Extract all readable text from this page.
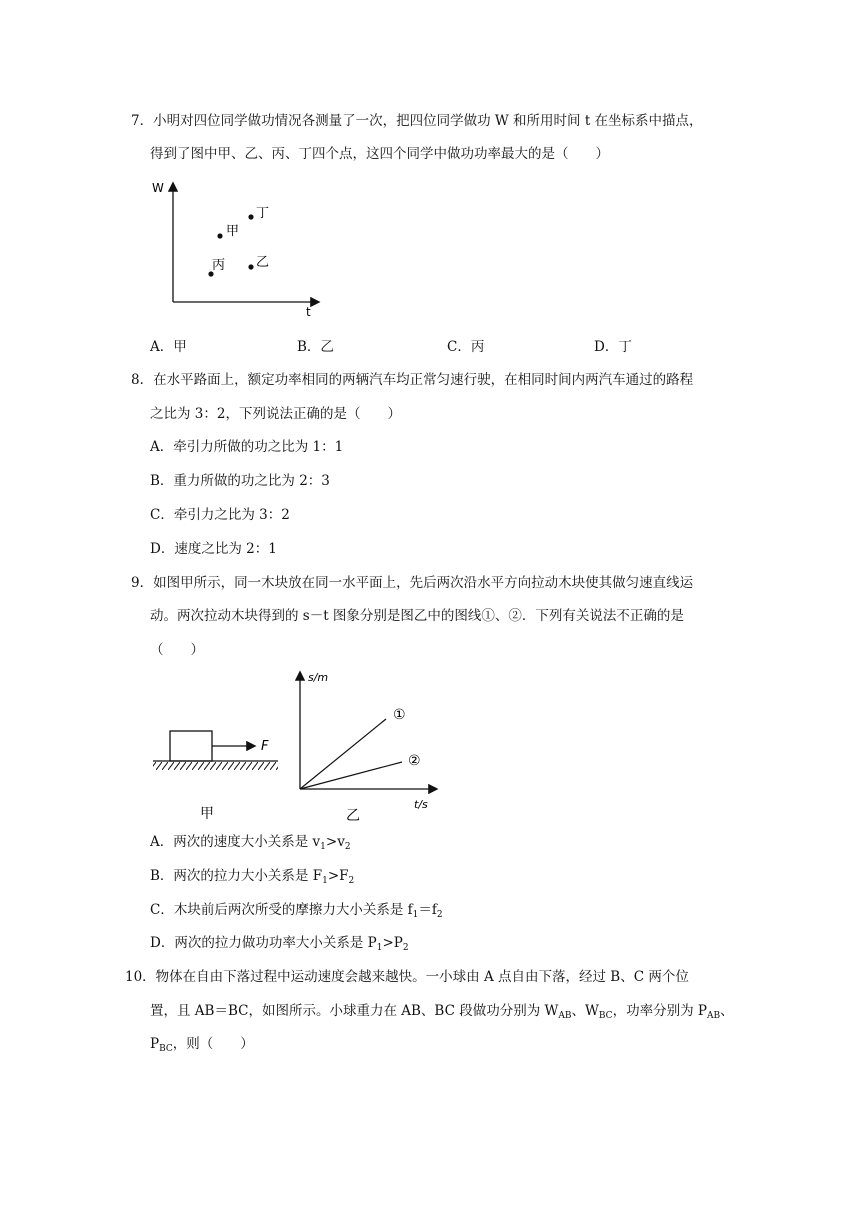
7．小明对四位同学做功情况各测量了一次，把四位同学做功 W 和所用时间 t 在坐标系中描点，
得到了图中甲、乙、丙、丁四个点，这四个同学中做功功率最大的是（　　）
W
t
甲
丁
乙
丙
A．甲	B．乙	C．丙	D．丁
8．在水平路面上，额定功率相同的两辆汽车均正常匀速行驶，在相同时间内两汽车通过的路程
之比为 3：2，下列说法正确的是（　　）
A．牵引力所做的功之比为 1：1
B．重力所做的功之比为 2：3
C．牵引力之比为 3：2
D．速度之比为 2：1
9．如图甲所示，同一木块放在同一水平面上，先后两次沿水平方向拉动木块使其做匀速直线运
动。两次拉动木块得到的 s－t 图象分别是图乙中的图线①、②．下列有关说法不正确的是
（　　）
F
甲
s/m
t/s
①
②
乙
A．两次的速度大小关系是 $v_1>v_2$
B．两次的拉力大小关系是 $F_1>F_2$
C．木块前后两次所受的摩擦力大小关系是 $f_1=f_2$
D．两次的拉力做功功率大小关系是 $P_1>P_2$
10．物体在自由下落过程中运动速度会越来越快。一小球由 A 点自由下落，经过 B、C 两个位
置，且 AB＝BC，如图所示。小球重力在 AB、BC 段做功分别为 $W_{AB}$、$W_{BC}$，功率分别为 $P_{AB}$、
$P_{BC}$，则（　　）
